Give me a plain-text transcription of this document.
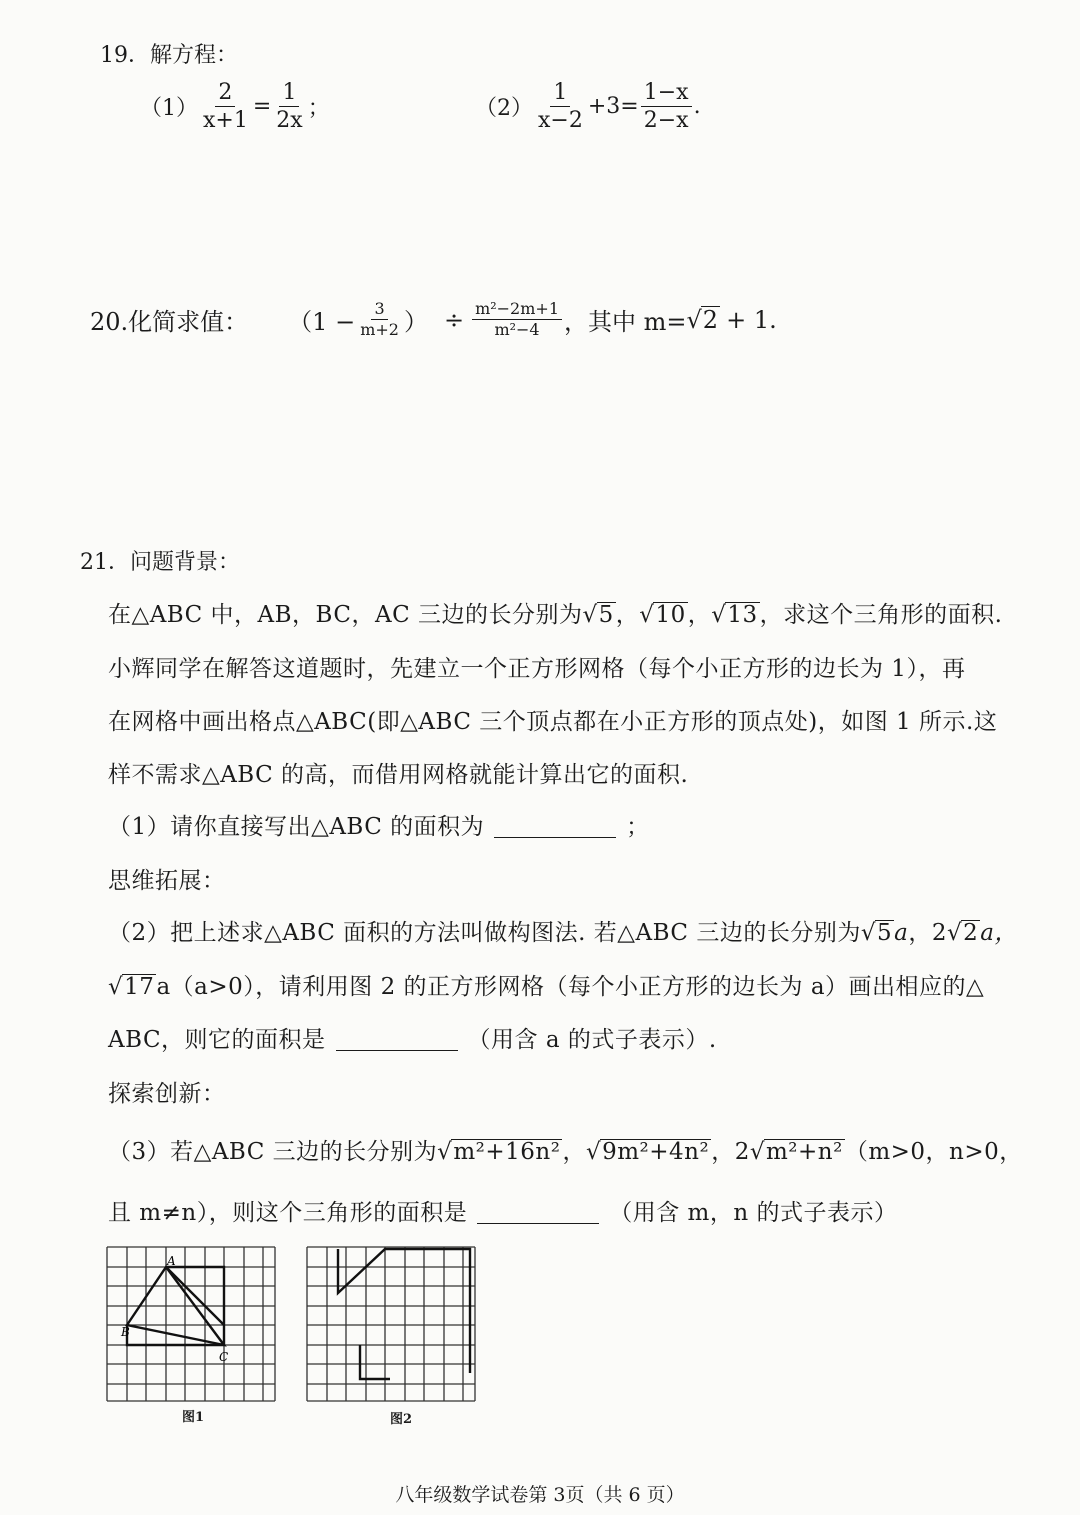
19．解方程：
$(1) \frac{2}{x+1} = \frac{1}{2x}$ ；	$(2) \frac{1}{x-2} +3= \frac{1-x}{2-x}$ .
20.化简求值： （$1 - \frac{3}{m+2}$ ） ÷ $\frac{\text{m²−2m+1}}{\text{m²−4}}$ ，其中 m= √ 2 + 1.
21．问题背景：
在△ABC 中，AB，BC，AC 三边的长分别为√5，√10，√13，求这个三角形的面积.
小辉同学在解答这道题时，先建立一个正方形网格（每个小正方形的边长为 1），再
在网格中画出格点△ABC(即△ABC 三个顶点都在小正方形的顶点处)，如图 1 所示.这
样不需求△ABC 的高，而借用网格就能计算出它的面积.
（1）请你直接写出△ABC 的面积为	；
思维拓展：
（2）把上述求△ABC 面积的方法叫做构图法. 若△ABC 三边的长分别为√5a，2√2a，
√17a（a>0），请利用图 2 的正方形网格（每个小正方形的边长为 a）画出相应的△
ABC，则它的面积是	（用含 a 的式子表示）.
探索创新：
（3）若△ABC 三边的长分别为√m²+16n²，√9m²+4n²，2√m²+n²（m>0，n>0，
且 m≠n），则这个三角形的面积是	（用含 m，n 的式子表示）
A
B
C
图1	图2
八年级数学试卷第 3页（共 6 页）
